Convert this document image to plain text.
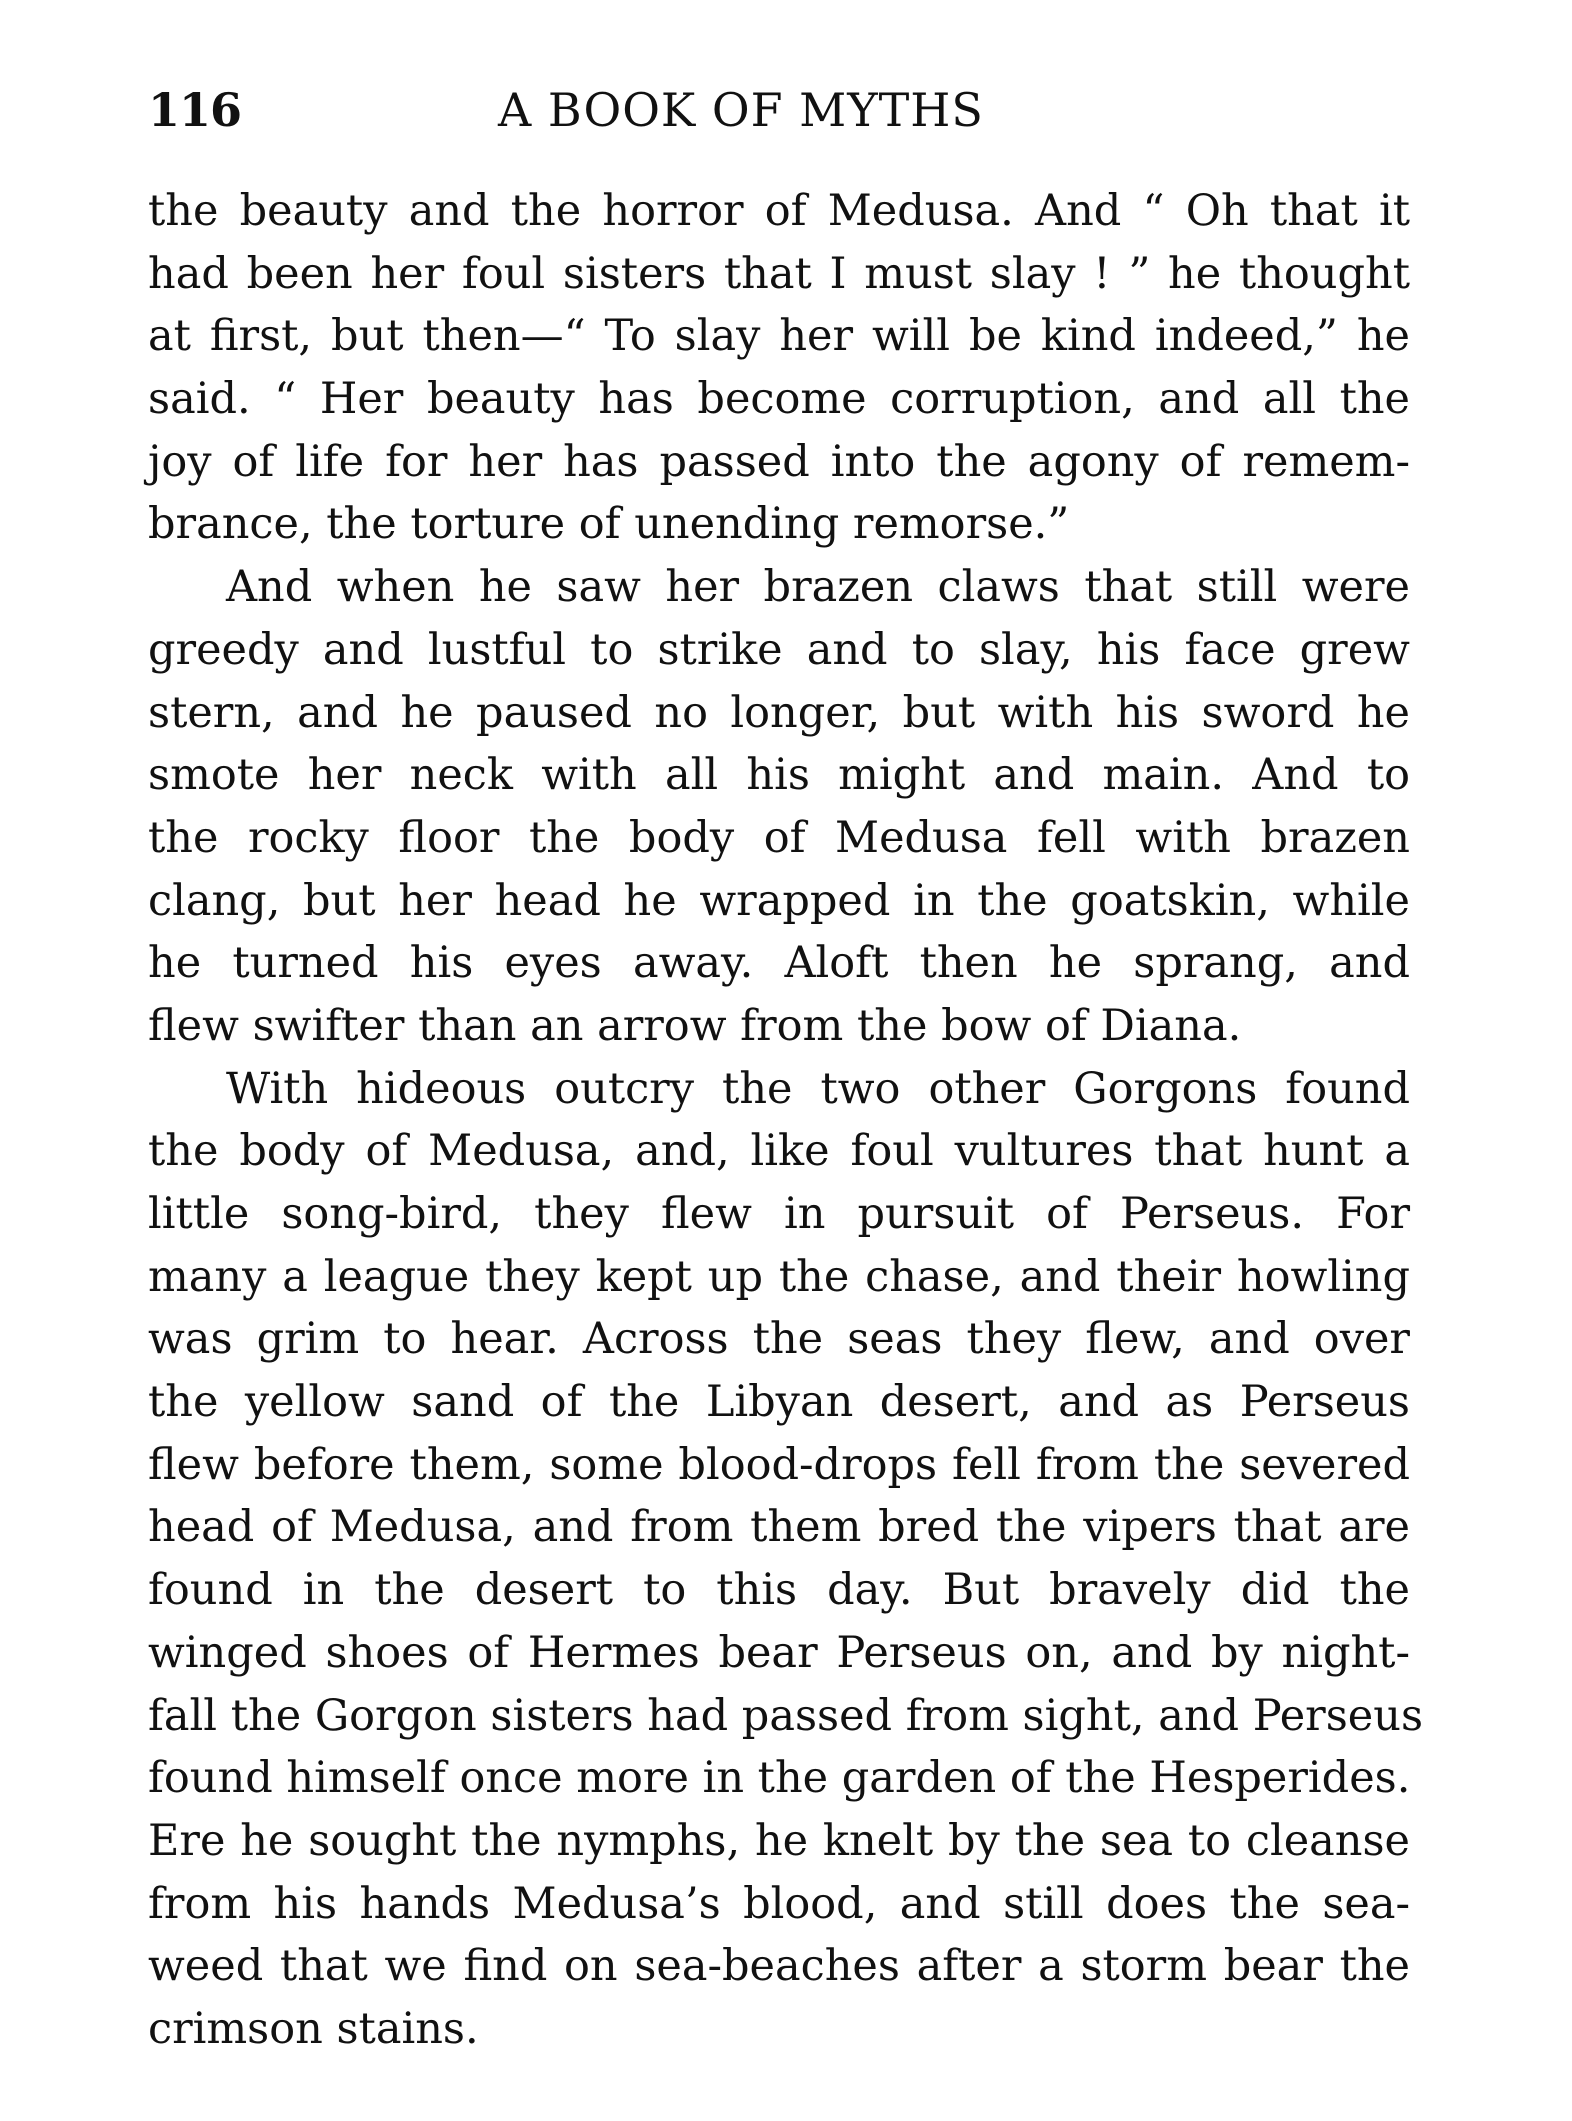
116	A BOOK OF MYTHS
the beauty and the horror of Medusa. And “ Oh that it
had been her foul sisters that I must slay ! ” he thought
at first, but then—“ To slay her will be kind indeed,” he
said. “ Her beauty has become corruption, and all the
joy of life for her has passed into the agony of remem-
brance, the torture of unending remorse.”
And when he saw her brazen claws that still were
greedy and lustful to strike and to slay, his face grew
stern, and he paused no longer, but with his sword he
smote her neck with all his might and main. And to
the rocky floor the body of Medusa fell with brazen
clang, but her head he wrapped in the goatskin, while
he turned his eyes away. Aloft then he sprang, and
flew swifter than an arrow from the bow of Diana.
With hideous outcry the two other Gorgons found
the body of Medusa, and, like foul vultures that hunt a
little song-bird, they flew in pursuit of Perseus. For
many a league they kept up the chase, and their howling
was grim to hear. Across the seas they flew, and over
the yellow sand of the Libyan desert, and as Perseus
flew before them, some blood-drops fell from the severed
head of Medusa, and from them bred the vipers that are
found in the desert to this day. But bravely did the
winged shoes of Hermes bear Perseus on, and by night-
fall the Gorgon sisters had passed from sight, and Perseus
found himself once more in the garden of the Hesperides.
Ere he sought the nymphs, he knelt by the sea to cleanse
from his hands Medusa’s blood, and still does the sea-
weed that we find on sea-beaches after a storm bear the
crimson stains.
